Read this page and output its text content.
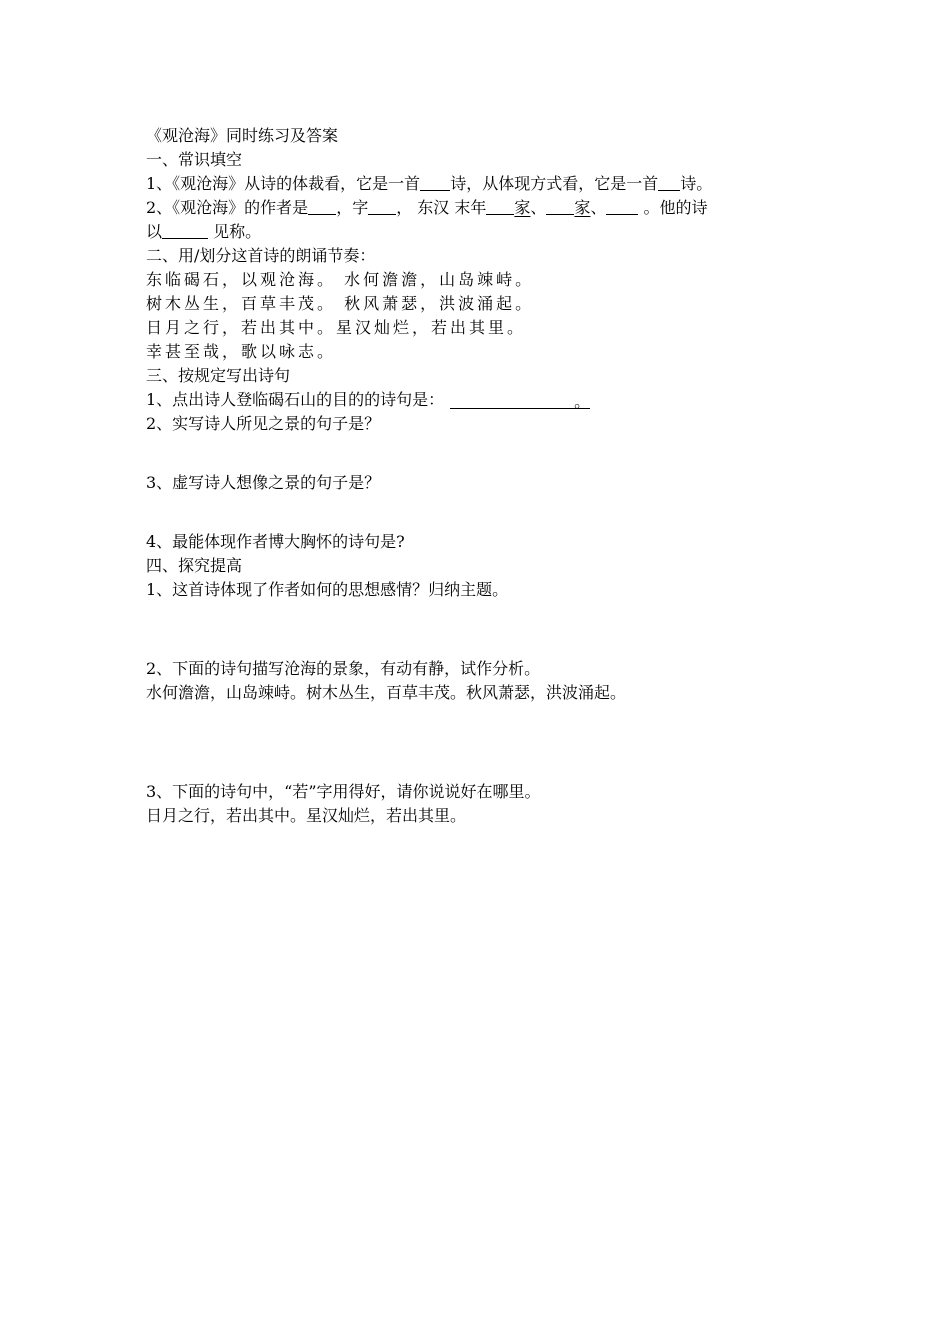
《观沧海》同时练习及答案
一、常识填空
1、《观沧海》从诗的体裁看，它是一首 诗，从体现方式看，它是一首 诗。
2、《观沧海》的作者是 ，字 ， 东汉 末年 家、 家、 。他的诗
以	见称。
二、用/划分这首诗的朗诵节奏：
东临碣石，以观沧海。 水何澹澹，山岛竦峙。
树木丛生，百草丰茂。 秋风萧瑟，洪波涌起。
日月之行，若出其中。星汉灿烂，若出其里。
幸甚至哉，歌以咏志。
三、按规定写出诗句
1、点出诗人登临碣石山的目的的诗句是：	。
2、实写诗人所见之景的句子是？
3、虚写诗人想像之景的句子是？
4、最能体现作者博大胸怀的诗句是?
四、探究提高
1、这首诗体现了作者如何的思想感情？归纳主题。
2、下面的诗句描写沧海的景象，有动有静，试作分析。
水何澹澹，山岛竦峙。树木丛生，百草丰茂。秋风萧瑟，洪波涌起。
3、下面的诗句中，“若”字用得好，请你说说好在哪里。
日月之行，若出其中。星汉灿烂，若出其里。
